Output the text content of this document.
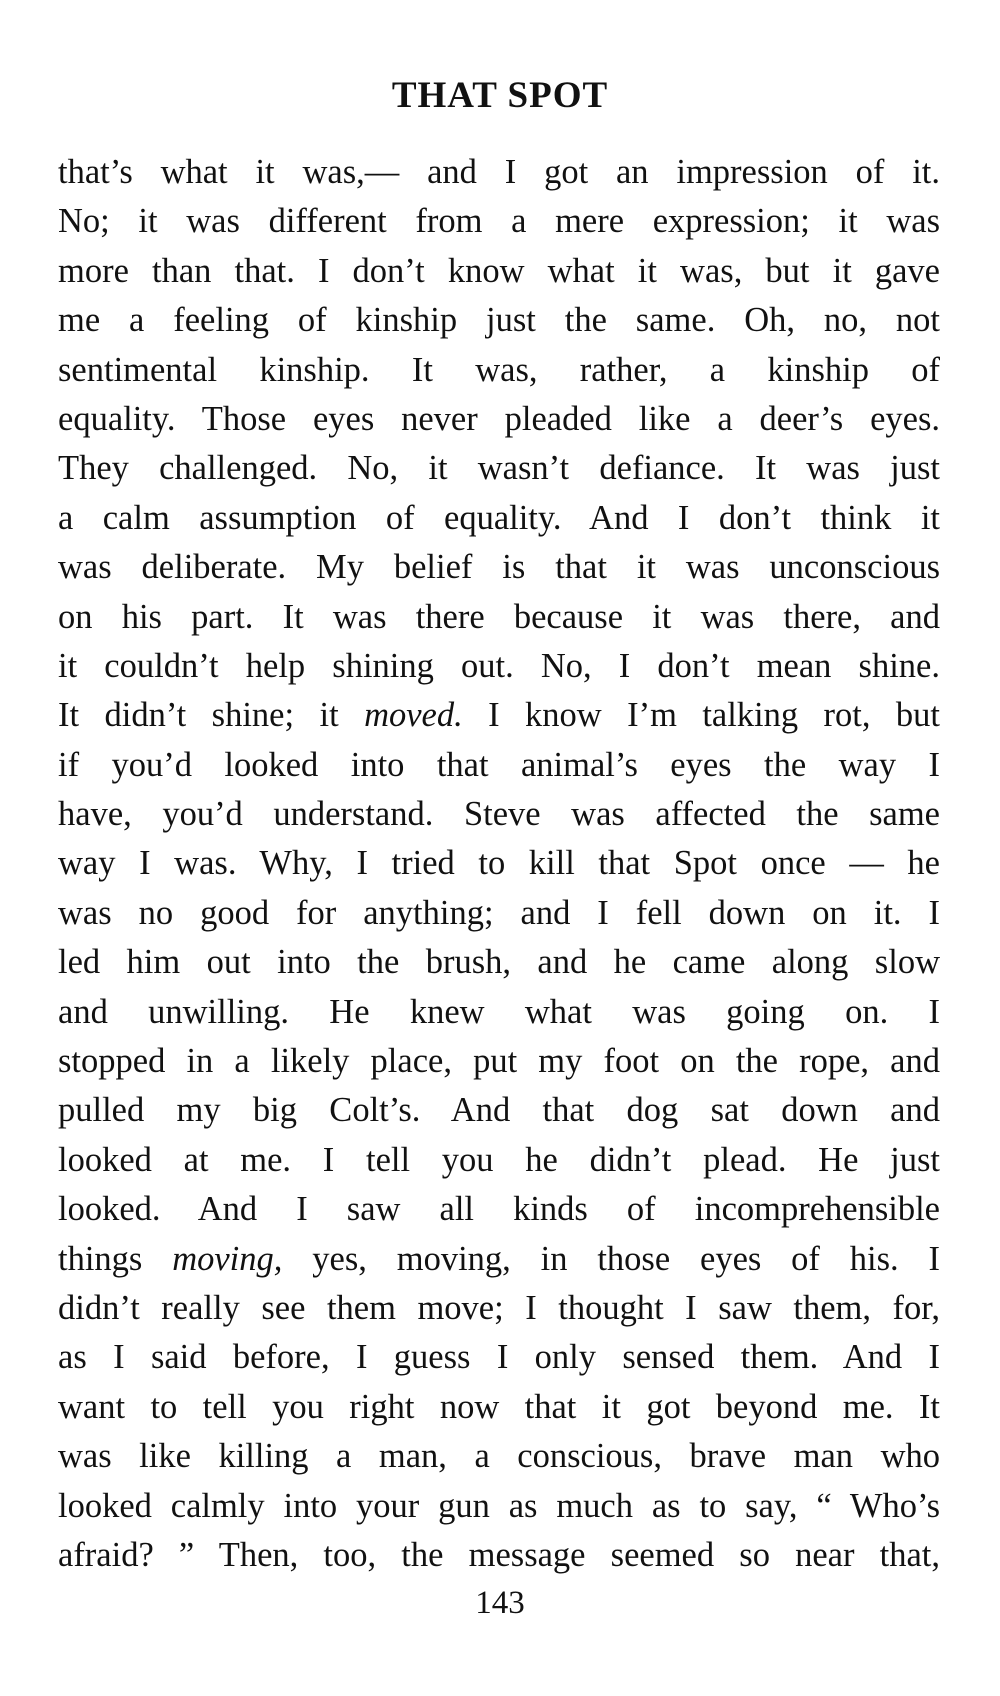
THAT SPOT
that’s what it was,— and I got an impression of it.
No; it was different from a mere expression; it was
more than that. I don’t know what it was, but it gave
me a feeling of kinship just the same. Oh, no, not
sentimental kinship. It was, rather, a kinship of
equality. Those eyes never pleaded like a deer’s eyes.
They challenged. No, it wasn’t defiance. It was just
a calm assumption of equality. And I don’t think it
was deliberate. My belief is that it was unconscious
on his part. It was there because it was there, and
it couldn’t help shining out. No, I don’t mean shine.
It didn’t shine; it moved. I know I’m talking rot, but
if you’d looked into that animal’s eyes the way I
have, you’d understand. Steve was affected the same
way I was. Why, I tried to kill that Spot once — he
was no good for anything; and I fell down on it. I
led him out into the brush, and he came along slow
and unwilling. He knew what was going on. I
stopped in a likely place, put my foot on the rope, and
pulled my big Colt’s. And that dog sat down and
looked at me. I tell you he didn’t plead. He just
looked. And I saw all kinds of incomprehensible
things moving, yes, moving, in those eyes of his. I
didn’t really see them move; I thought I saw them, for,
as I said before, I guess I only sensed them. And I
want to tell you right now that it got beyond me. It
was like killing a man, a conscious, brave man who
looked calmly into your gun as much as to say, “ Who’s
afraid? ” Then, too, the message seemed so near that,
143
